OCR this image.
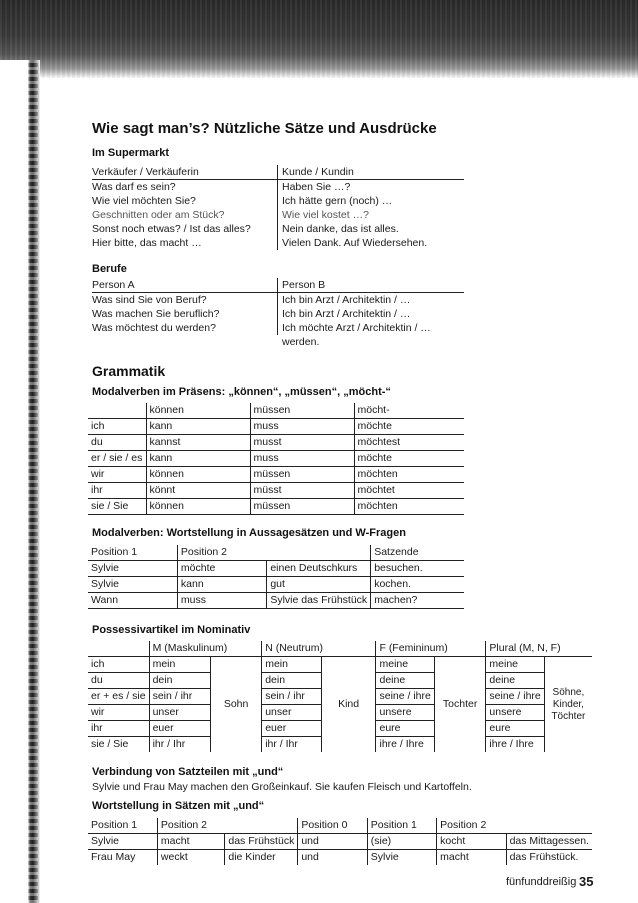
Wie sagt man’s? Nützliche Sätze und Ausdrücke
Im Supermarkt
Verkäufer / Verkäuferin	Kunde / Kundin
Was darf es sein?	Haben Sie …?
Wie viel möchten Sie?	Ich hätte gern (noch) …
Geschnitten oder am Stück?	Wie viel kostet …?
Sonst noch etwas? / Ist das alles?	Nein danke, das ist alles.
Hier bitte, das macht …	Vielen Dank. Auf Wiedersehen.
Berufe
Person A	Person B
Was sind Sie von Beruf?	Ich bin Arzt / Architektin / …
Was machen Sie beruflich?	Ich bin Arzt / Architektin / …
Was möchtest du werden?	Ich möchte Arzt / Architektin / … werden.
Grammatik
Modalverben im Präsens: „können“, „müssen“, „möcht-“
	können	müssen	möcht-
ich	kann	muss	möchte
du	kannst	musst	möchtest
er / sie / es	kann	muss	möchte
wir	können	müssen	möchten
ihr	könnt	müsst	möchtet
sie / Sie	können	müssen	möchten
Modalverben: Wortstellung in Aussagesätzen und W-Fragen
Position 1	Position 2		Satzende
Sylvie	möchte	einen Deutschkurs	besuchen.
Sylvie	kann	gut	kochen.
Wann	muss	Sylvie das Frühstück	machen?
Possessivartikel im Nominativ
	M (Maskulinum)		N (Neutrum)		F (Femininum)		Plural (M, N, F)	
ich	mein	Sohn	mein	Kind	meine	Tochter	meine	Söhne, Kinder, Töchter
du	dein		dein		deine		deine	
er + es / sie	sein / ihr		sein / ihr		seine / ihre		seine / ihre	
wir	unser		unser		unsere		unsere	
ihr	euer		euer		eure		eure	
sie / Sie	ihr / Ihr		ihr / Ihr		ihre / Ihre		ihre / Ihre	
Verbindung von Satzteilen mit „und“
Sylvie und Frau May machen den Großeinkauf. Sie kaufen Fleisch und Kartoffeln.
Wortstellung in Sätzen mit „und“
Position 1	Position 2		Position 0	Position 1	Position 2	
Sylvie	macht	das Frühstück	und	(sie)	kocht	das Mittagessen.
Frau May	weckt	die Kinder	und	Sylvie	macht	das Frühstück.
fünfunddreißig 35
